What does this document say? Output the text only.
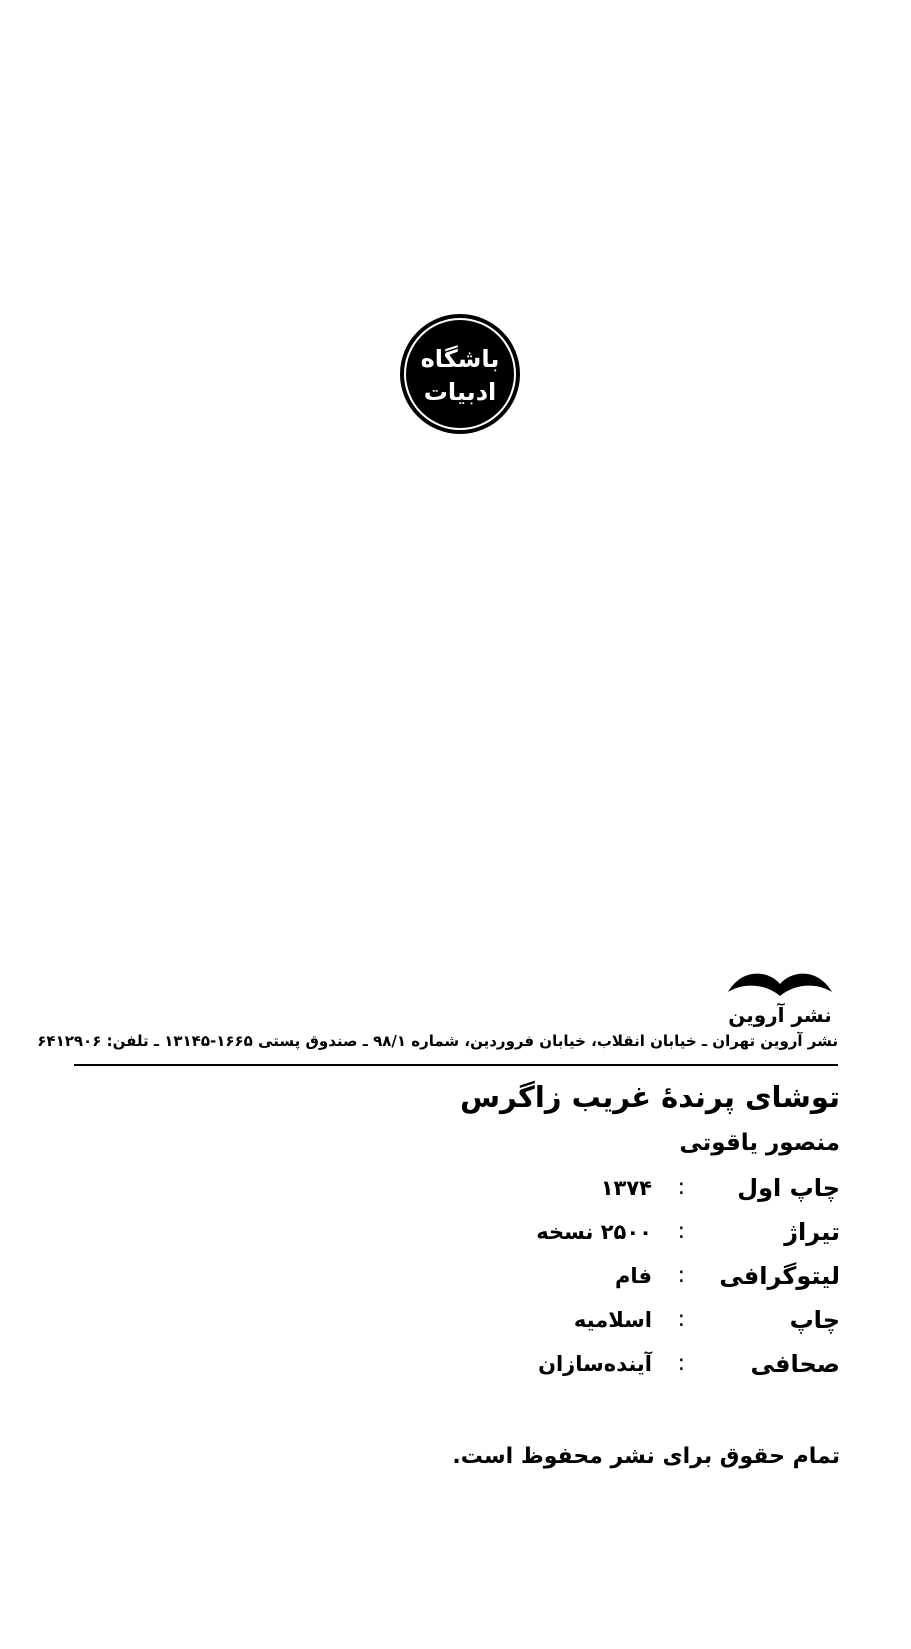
باشگاه
ادبیات
نشر آروین
نشر آروین تهران ـ خیابان انقلاب، خیابان فروردین، شماره ۹۸/۱ ـ صندوق پستی ۱۶۶۵-۱۳۱۴۵ ـ تلفن: ۶۴۱۲۹۰۶
توشای پرندهٔ غریب زاگرس
منصور یاقوتی
چاپ اول
:
۱۳۷۴
تیراژ
:
۲۵۰۰ نسخه
لیتوگرافی
:
فام
چاپ
:
اسلامیه
صحافی
:
آینده‌سازان
تمام حقوق برای نشر محفوظ است.
